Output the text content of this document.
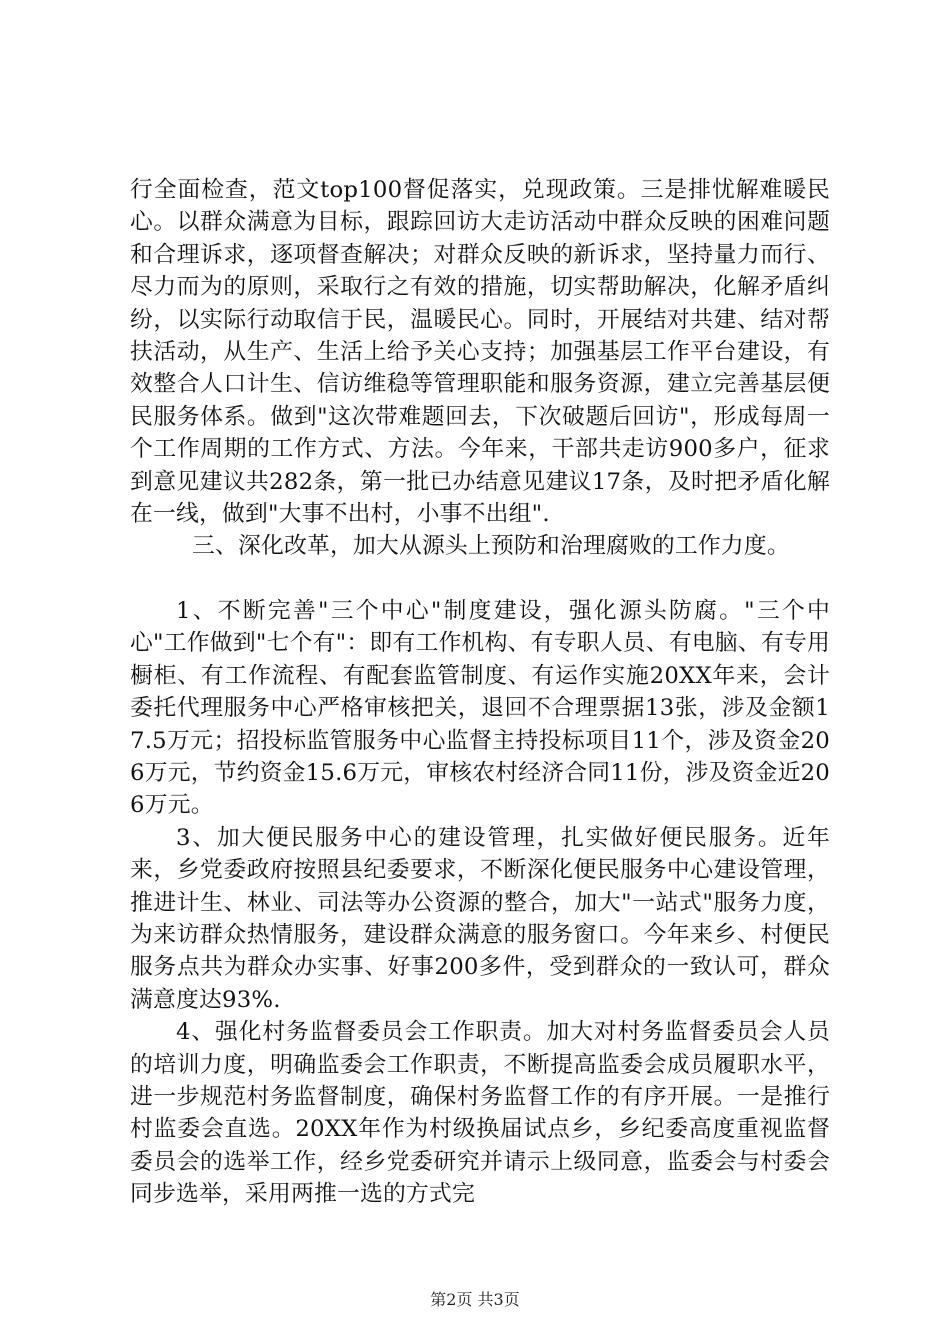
行全面检查，范文top100督促落实，兑现政策。三是排忧解难暖民心。以群众满意为目标，跟踪回访大走访活动中群众反映的困难问题和合理诉求，逐项督查解决；对群众反映的新诉求，坚持量力而行、尽力而为的原则，采取行之有效的措施，切实帮助解决，化解矛盾纠纷，以实际行动取信于民，温暖民心。同时，开展结对共建、结对帮扶活动，从生产、生活上给予关心支持；加强基层工作平台建设，有效整合人口计生、信访维稳等管理职能和服务资源，建立完善基层便民服务体系。做到"这次带难题回去，下次破题后回访"，形成每周一个工作周期的工作方式、方法。今年来，干部共走访900多户，征求到意见建议共282条，第一批已办结意见建议17条，及时把矛盾化解在一线，做到"大事不出村，小事不出组".

三、深化改革，加大从源头上预防和治理腐败的工作力度。

1、不断完善"三个中心"制度建设，强化源头防腐。"三个中心"工作做到"七个有"：即有工作机构、有专职人员、有电脑、有专用橱柜、有工作流程、有配套监管制度、有运作实施20XX年来，会计委托代理服务中心严格审核把关，退回不合理票据13张，涉及金额17.5万元；招投标监管服务中心监督主持投标项目11个，涉及资金206万元，节约资金15.6万元，审核农村经济合同11份，涉及资金近206万元。

3、加大便民服务中心的建设管理，扎实做好便民服务。近年来，乡党委政府按照县纪委要求，不断深化便民服务中心建设管理，推进计生、林业、司法等办公资源的整合，加大"一站式"服务力度，为来访群众热情服务，建设群众满意的服务窗口。今年来乡、村便民服务点共为群众办实事、好事200多件，受到群众的一致认可，群众满意度达93%.

4、强化村务监督委员会工作职责。加大对村务监督委员会人员的培训力度，明确监委会工作职责，不断提高监委会成员履职水平，进一步规范村务监督制度，确保村务监督工作的有序开展。一是推行村监委会直选。20XX年作为村级换届试点乡，乡纪委高度重视监督委员会的选举工作，经乡党委研究并请示上级同意，监委会与村委会同步选举，采用两推一选的方式完

第2页 共3页
